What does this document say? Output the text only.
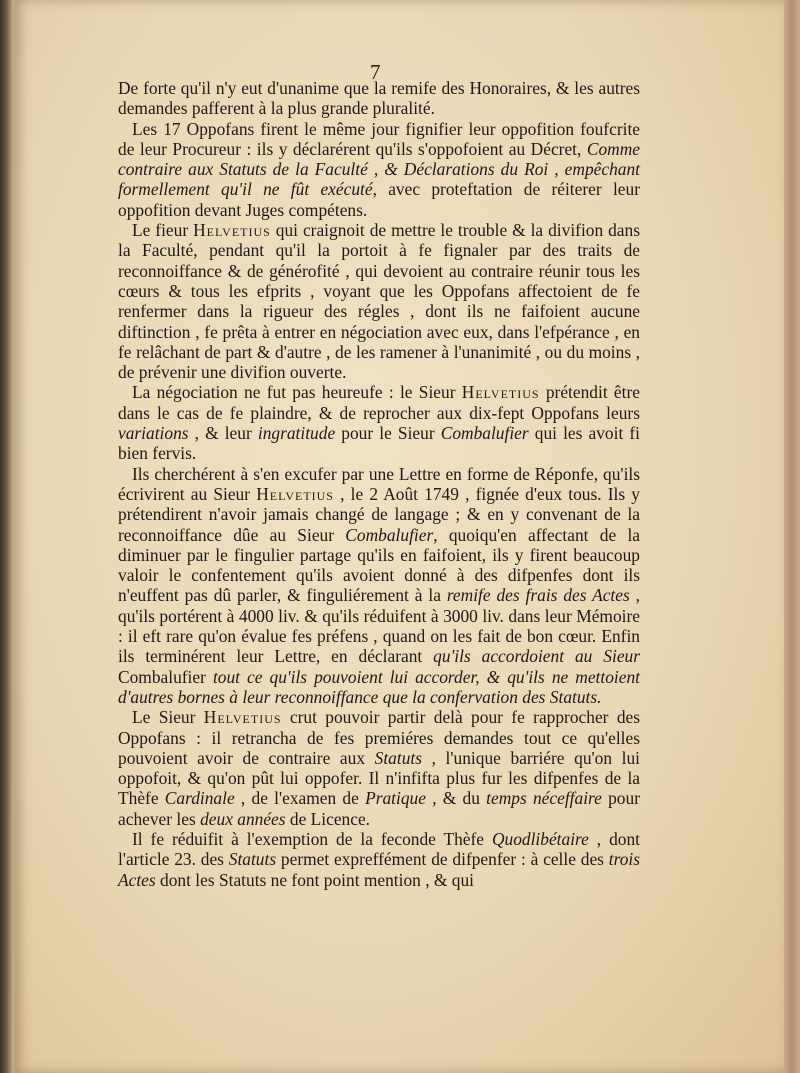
7

De forte qu'il n'y eut d'unanime que la remife des Honoraires, & les autres demandes pafferent à la plus grande pluralité.

Les 17 Oppofans firent le même jour fignifier leur oppofition foufcrite de leur Procureur : ils y déclarérent qu'ils s'oppofoient au Décret, Comme contraire aux Statuts de la Faculté , & Déclarations du Roi , empêchant formellement qu'il ne fût exécuté, avec proteftation de réiterer leur oppofition devant Juges compétens.

Le fieur Helvetius qui craignoit de mettre le trouble & la divifion dans la Faculté, pendant qu'il la portoit à fe fignaler par des traits de reconnoiffance & de générofité , qui devoient au contraire réunir tous les cœurs & tous les efprits , voyant que les Oppofans affectoient de fe renfermer dans la rigueur des régles , dont ils ne faifoient aucune diftinction , fe prêta à entrer en négociation avec eux, dans l'efpérance , en fe relâchant de part & d'autre , de les ramener à l'unanimité , ou du moins , de prévenir une divifion ouverte.

La négociation ne fut pas heureufe : le Sieur Helvetius prétendit être dans le cas de fe plaindre, & de reprocher aux dix-fept Oppofans leurs variations , & leur ingratitude pour le Sieur Combalufier qui les avoit fi bien fervis.

Ils cherchérent à s'en excufer par une Lettre en forme de Réponfe, qu'ils écrivirent au Sieur Helvetius , le 2 Août 1749 , fignée d'eux tous. Ils y prétendirent n'avoir jamais changé de langage ; & en y convenant de la reconnoiffance dûe au Sieur Combalufier, quoiqu'en affectant de la diminuer par le fingulier partage qu'ils en faifoient, ils y firent beaucoup valoir le confentement qu'ils avoient donné à des difpenfes dont ils n'euffent pas dû parler, & finguliérement à la remife des frais des Actes , qu'ils portérent à 4000 liv. & qu'ils réduifent à 3000 liv. dans leur Mémoire : il eft rare qu'on évalue fes préfens , quand on les fait de bon cœur. Enfin ils terminérent leur Lettre, en déclarant qu'ils accordoient au Sieur Combalufier tout ce qu'ils pouvoient lui accorder, & qu'ils ne mettoient d'autres bornes à leur reconnoiffance que la confervation des Statuts.

Le Sieur Helvetius crut pouvoir partir delà pour fe rapprocher des Oppofans : il retrancha de fes premiéres demandes tout ce qu'elles pouvoient avoir de contraire aux Statuts , l'unique barriére qu'on lui oppofoit, & qu'on pût lui oppofer. Il n'infifta plus fur les difpenfes de la Thèfe Cardinale , de l'examen de Pratique , & du temps néceffaire pour achever les deux années de Licence.

Il fe réduifit à l'exemption de la feconde Thèfe Quodlibétaire , dont l'article 23. des Statuts permet expreffément de difpenfer : à celle des trois Actes dont les Statuts ne font point mention , & qui
